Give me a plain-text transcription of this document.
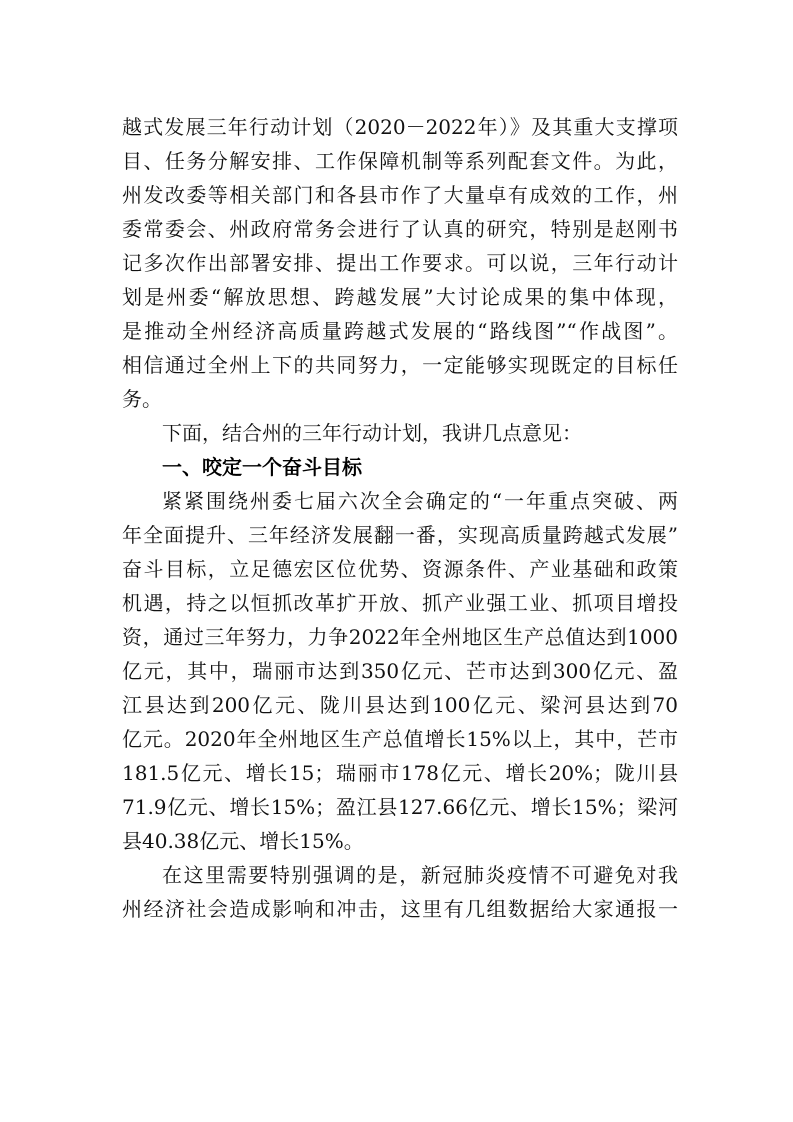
越式发展三年行动计划（2020－2022年）》及其重大支撑项
目、任务分解安排、工作保障机制等系列配套文件。为此，
州发改委等相关部门和各县市作了大量卓有成效的工作，州
委常委会、州政府常务会进行了认真的研究，特别是赵刚书
记多次作出部署安排、提出工作要求。可以说，三年行动计
划是州委“解放思想、跨越发展”大讨论成果的集中体现，
是推动全州经济高质量跨越式发展的“路线图”“作战图”。
相信通过全州上下的共同努力，一定能够实现既定的目标任
务。
下面，结合州的三年行动计划，我讲几点意见：
一、咬定一个奋斗目标
紧紧围绕州委七届六次全会确定的“一年重点突破、两
年全面提升、三年经济发展翻一番，实现高质量跨越式发展”
奋斗目标，立足德宏区位优势、资源条件、产业基础和政策
机遇，持之以恒抓改革扩开放、抓产业强工业、抓项目增投
资，通过三年努力，力争2022年全州地区生产总值达到1000
亿元，其中，瑞丽市达到350亿元、芒市达到300亿元、盈
江县达到200亿元、陇川县达到100亿元、梁河县达到70
亿元。2020年全州地区生产总值增长15%以上，其中，芒市
181.5亿元、增长15；瑞丽市178亿元、增长20%；陇川县
71.9亿元、增长15%；盈江县127.66亿元、增长15%；梁河
县40.38亿元、增长15%。
在这里需要特别强调的是，新冠肺炎疫情不可避免对我
州经济社会造成影响和冲击，这里有几组数据给大家通报一
